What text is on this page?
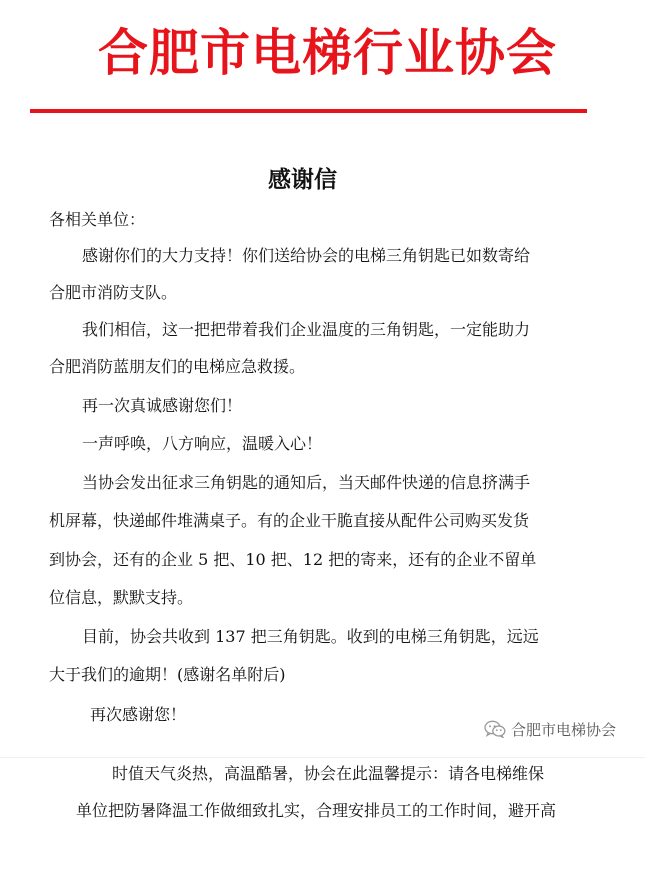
合肥市电梯行业协会
感谢信
各相关单位：
感谢你们的大力支持！你们送给协会的电梯三角钥匙已如数寄给
合肥市消防支队。
我们相信，这一把把带着我们企业温度的三角钥匙，一定能助力
合肥消防蓝朋友们的电梯应急救援。
再一次真诚感谢您们！
一声呼唤，八方响应，温暖入心！
当协会发出征求三角钥匙的通知后，当天邮件快递的信息挤满手
机屏幕，快递邮件堆满桌子。有的企业干脆直接从配件公司购买发货
到协会，还有的企业 5 把、10 把、12 把的寄来，还有的企业不留单
位信息，默默支持。
目前，协会共收到 137 把三角钥匙。收到的电梯三角钥匙，远远
大于我们的逾期！(感谢名单附后)
再次感谢您！
合肥市电梯协会
时值天气炎热，高温酷暑，协会在此温馨提示：请各电梯维保
单位把防暑降温工作做细致扎实，合理安排员工的工作时间，避开高
